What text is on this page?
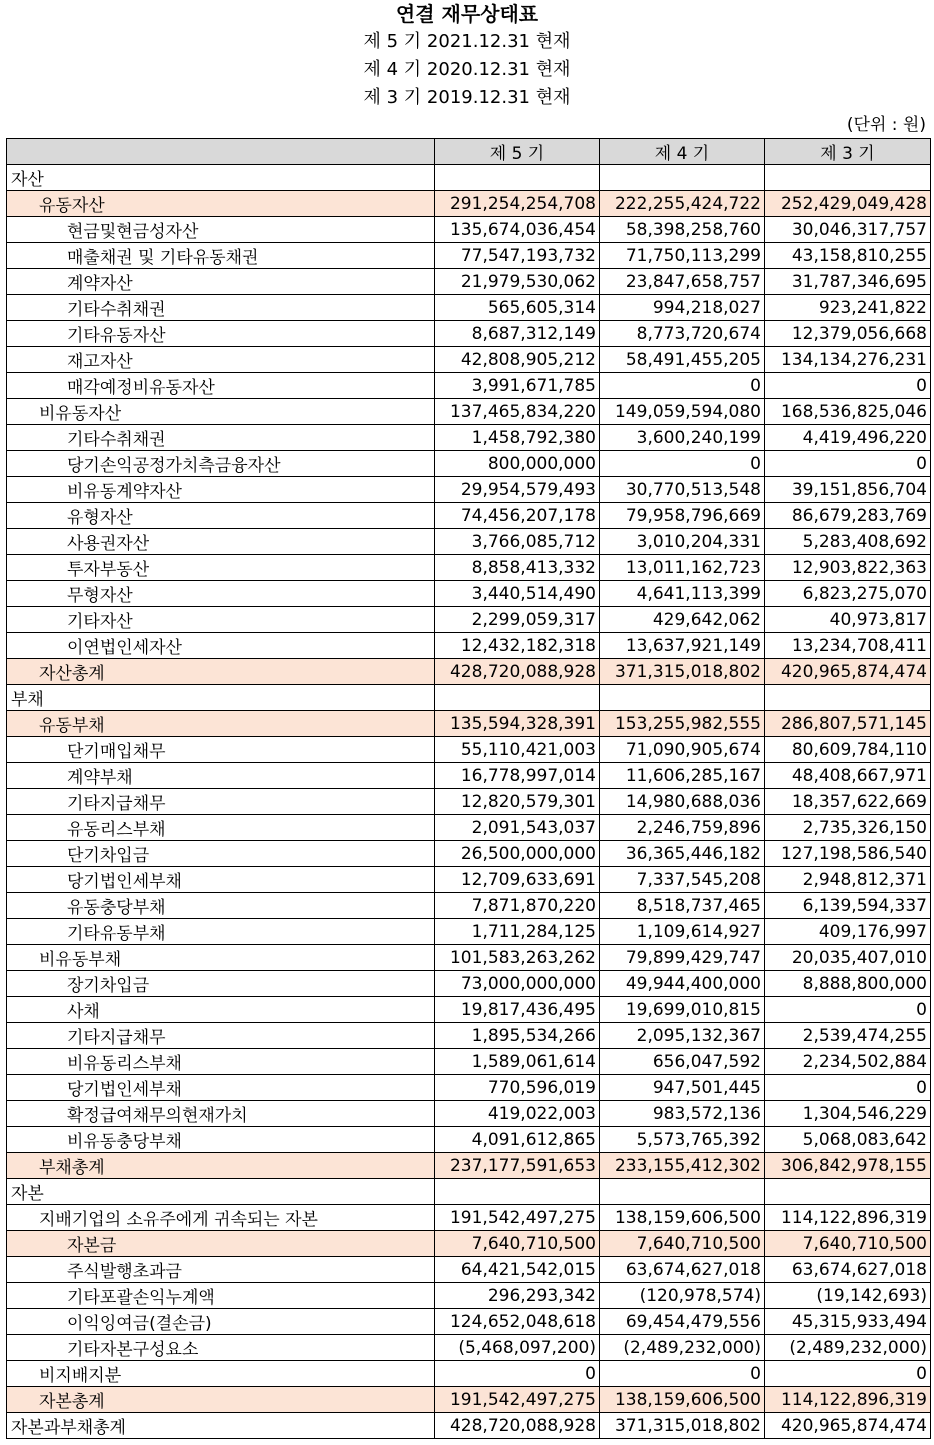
연결 재무상태표
제 5 기 2021.12.31 현재
제 4 기 2020.12.31 현재
제 3 기 2019.12.31 현재
(단위 : 원)
	제 5 기	제 4 기	제 3 기
자산			
유동자산	291,254,254,708	222,255,424,722	252,429,049,428
현금및현금성자산	135,674,036,454	58,398,258,760	30,046,317,757
매출채권 및 기타유동채권	77,547,193,732	71,750,113,299	43,158,810,255
계약자산	21,979,530,062	23,847,658,757	31,787,346,695
기타수취채권	565,605,314	994,218,027	923,241,822
기타유동자산	8,687,312,149	8,773,720,674	12,379,056,668
재고자산	42,808,905,212	58,491,455,205	134,134,276,231
매각예정비유동자산	3,991,671,785	0	0
비유동자산	137,465,834,220	149,059,594,080	168,536,825,046
기타수취채권	1,458,792,380	3,600,240,199	4,419,496,220
당기손익공정가치측금융자산	800,000,000	0	0
비유동계약자산	29,954,579,493	30,770,513,548	39,151,856,704
유형자산	74,456,207,178	79,958,796,669	86,679,283,769
사용권자산	3,766,085,712	3,010,204,331	5,283,408,692
투자부동산	8,858,413,332	13,011,162,723	12,903,822,363
무형자산	3,440,514,490	4,641,113,399	6,823,275,070
기타자산	2,299,059,317	429,642,062	40,973,817
이연법인세자산	12,432,182,318	13,637,921,149	13,234,708,411
자산총계	428,720,088,928	371,315,018,802	420,965,874,474
부채			
유동부채	135,594,328,391	153,255,982,555	286,807,571,145
단기매입채무	55,110,421,003	71,090,905,674	80,609,784,110
계약부채	16,778,997,014	11,606,285,167	48,408,667,971
기타지급채무	12,820,579,301	14,980,688,036	18,357,622,669
유동리스부채	2,091,543,037	2,246,759,896	2,735,326,150
단기차입금	26,500,000,000	36,365,446,182	127,198,586,540
당기법인세부채	12,709,633,691	7,337,545,208	2,948,812,371
유동충당부채	7,871,870,220	8,518,737,465	6,139,594,337
기타유동부채	1,711,284,125	1,109,614,927	409,176,997
비유동부채	101,583,263,262	79,899,429,747	20,035,407,010
장기차입금	73,000,000,000	49,944,400,000	8,888,800,000
사채	19,817,436,495	19,699,010,815	0
기타지급채무	1,895,534,266	2,095,132,367	2,539,474,255
비유동리스부채	1,589,061,614	656,047,592	2,234,502,884
당기법인세부채	770,596,019	947,501,445	0
확정급여채무의현재가치	419,022,003	983,572,136	1,304,546,229
비유동충당부채	4,091,612,865	5,573,765,392	5,068,083,642
부채총계	237,177,591,653	233,155,412,302	306,842,978,155
자본			
지배기업의 소유주에게 귀속되는 자본	191,542,497,275	138,159,606,500	114,122,896,319
자본금	7,640,710,500	7,640,710,500	7,640,710,500
주식발행초과금	64,421,542,015	63,674,627,018	63,674,627,018
기타포괄손익누계액	296,293,342	(120,978,574)	(19,142,693)
이익잉여금(결손금)	124,652,048,618	69,454,479,556	45,315,933,494
기타자본구성요소	(5,468,097,200)	(2,489,232,000)	(2,489,232,000)
비지배지분	0	0	0
자본총계	191,542,497,275	138,159,606,500	114,122,896,319
자본과부채총계	428,720,088,928	371,315,018,802	420,965,874,474
